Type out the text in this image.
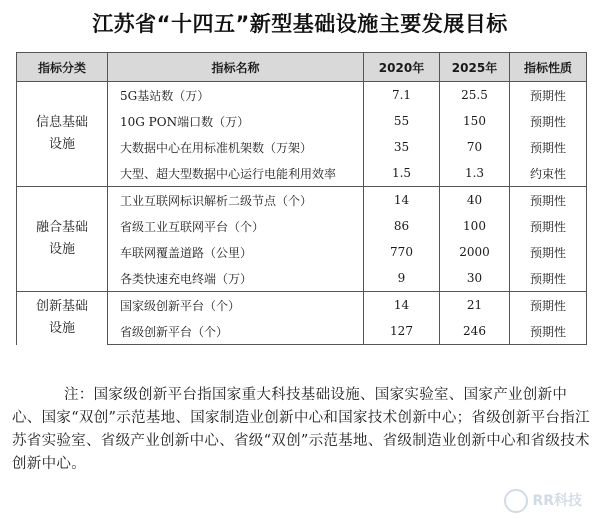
江苏省“十四五”新型基础设施主要发展目标
指标分类	指标名称	2020年	2025年	指标性质

信息基础
设施	5G基站数（万）	7.1	25.5	预期性
	10G PON端口数（万）	55	150	预期性
	大数据中心在用标准机架数（万架）	35	70	预期性
	大型、超大型数据中心运行电能利用效率	1.5	1.3	约束性

融合基础
设施	工业互联网标识解析二级节点（个）	14	40	预期性
	省级工业互联网平台（个）	86	100	预期性
	车联网覆盖道路（公里）	770	2000	预期性
	各类快速充电终端（万）	9	30	预期性

创新基础
设施	国家级创新平台（个）	14	21	预期性
	省级创新平台（个）	127	246	预期性
注：国家级创新平台指国家重大科技基础设施、国家实验室、国家产业创新中心、国家“双创”示范基地、国家制造业创新中心和国家技术创新中心；省级创新平台指江苏省实验室、省级产业创新中心、省级“双创”示范基地、省级制造业创新中心和省级技术创新中心。
RR科技
